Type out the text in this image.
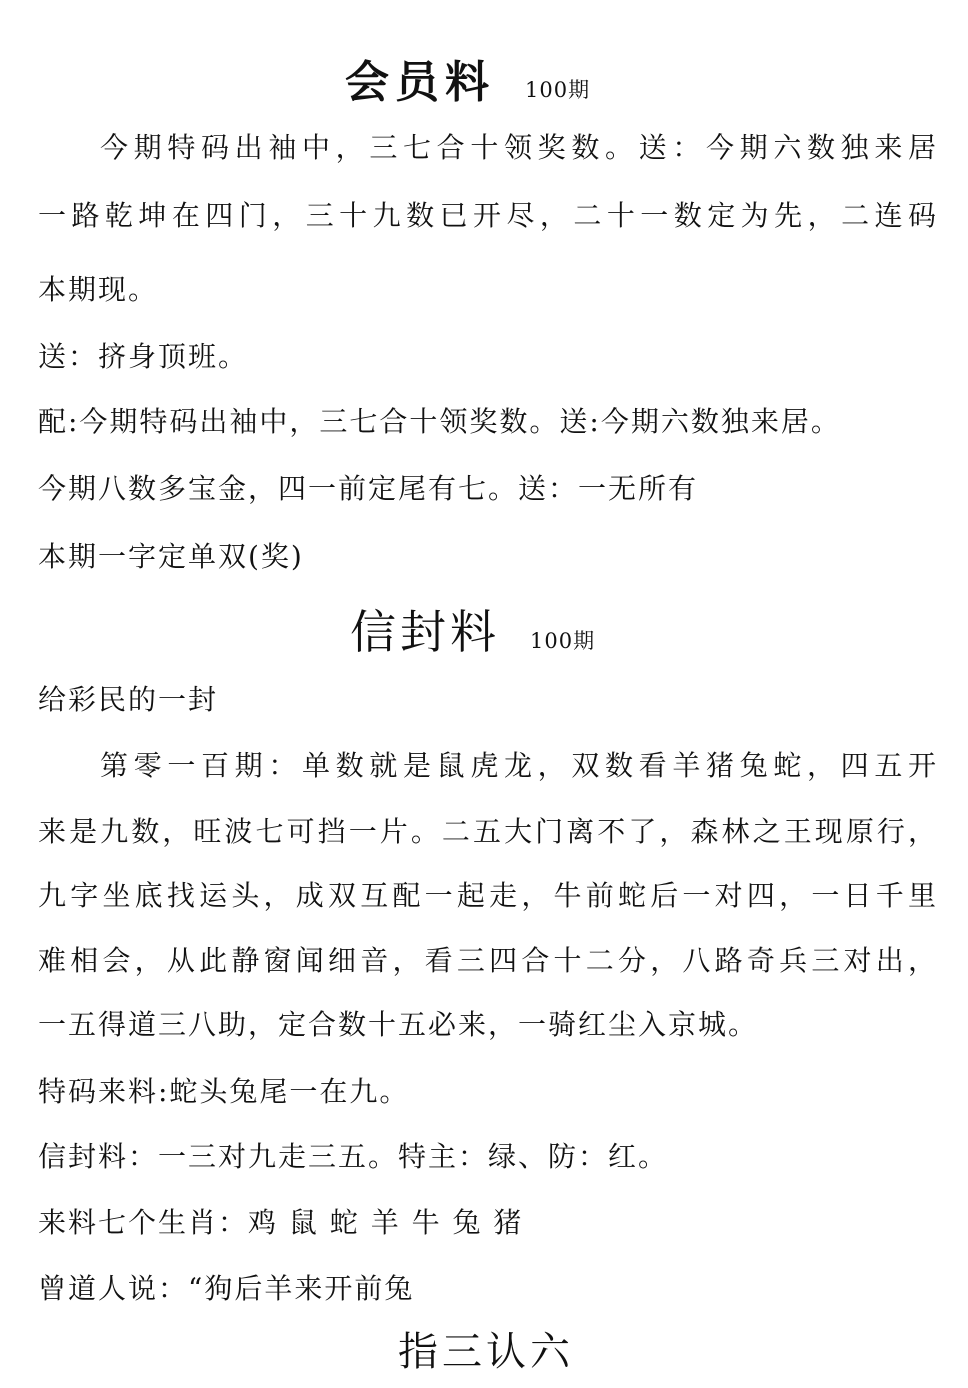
会员料 100期
今期特码出袖中，三七合十领奖数。送：今期六数独来居
一路乾坤在四门，三十九数已开尽，二十一数定为先，二连码
本期现。
送：挤身顶班。
配:今期特码出袖中，三七合十领奖数。送:今期六数独来居。
今期八数多宝金，四一前定尾有七。送：一无所有
本期一字定单双(奖)
信封料 100期
给彩民的一封
第零一百期：单数就是鼠虎龙，双数看羊猪兔蛇，四五开
来是九数，旺波七可挡一片。二五大门离不了，森林之王现原行，
九字坐底找运头，成双互配一起走，牛前蛇后一对四，一日千里
难相会，从此静窗闻细音，看三四合十二分，八路奇兵三对出，
一五得道三八助，定合数十五必来，一骑红尘入京城。
特码来料:蛇头兔尾一在九。
信封料：一三对九走三五。特主：绿、防：红。
来料七个生肖：鸡 鼠 蛇 羊 牛 兔 猪
曾道人说：“狗后羊来开前兔
指三认六
